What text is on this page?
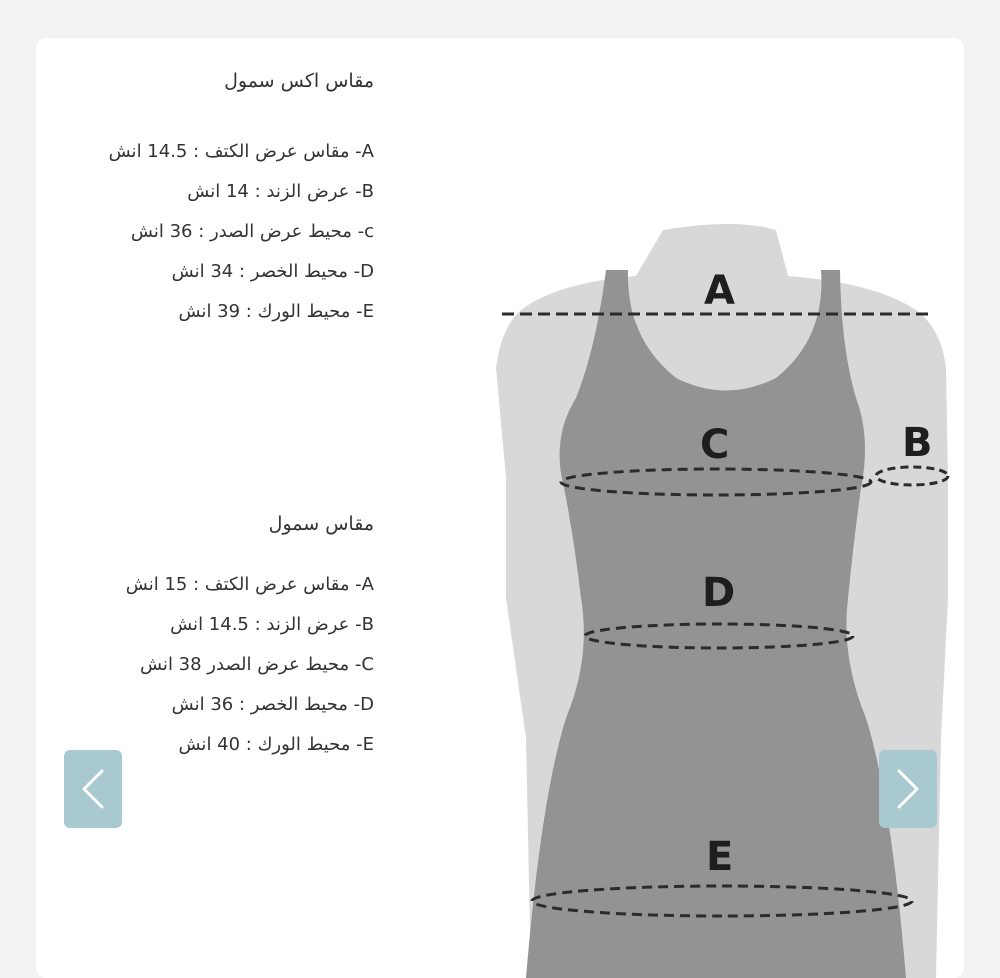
A
C	B
D
E
مقاس اكس سمول
A- مقاس عرض الكتف : 14.5 انش
B- عرض الزند : 14 انش
c- محيط عرض الصدر : 36 انش
D- محيط الخصر : 34 انش
E- محيط الورك : 39 انش
مقاس سمول
A- مقاس عرض الكتف : 15 انش
B- عرض الزند : 14.5 انش
C- محيط عرض الصدر 38 انش
D- محيط الخصر : 36 انش
E- محيط الورك : 40 انش
